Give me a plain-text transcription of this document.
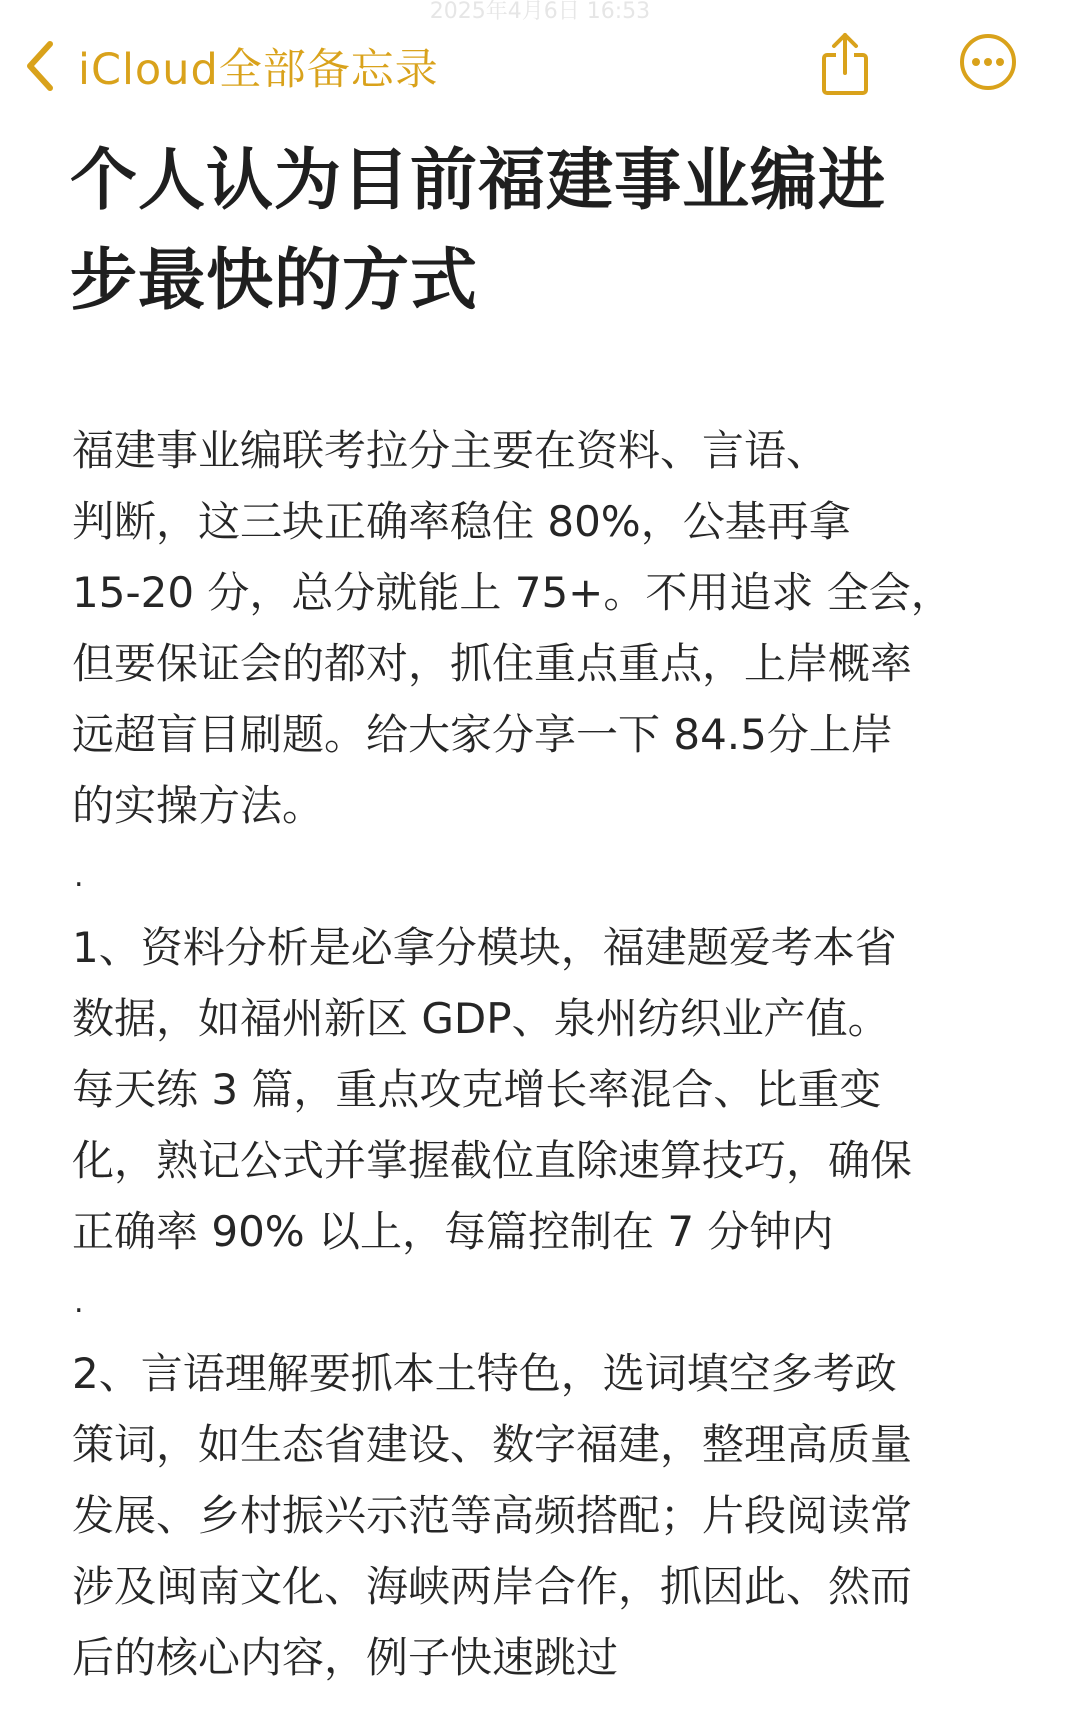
2025年4月6日 16:53
iCloud全部备忘录
个人认为目前福建事业编进
步最快的方式
福建事业编联考拉分主要在资料、言语、
判断，这三块正确率稳住 80%，公基再拿
15-20 分，总分就能上 75+。不用追求 全会，
但要保证会的都对，抓住重点重点，上岸概率
远超盲目刷题。给大家分享一下 84.5分上岸
的实操方法。
.
1、资料分析是必拿分模块，福建题爱考本省
数据，如福州新区 GDP、泉州纺织业产值。
每天练 3 篇，重点攻克增长率混合、比重变
化，熟记公式并掌握截位直除速算技巧，确保
正确率 90% 以上，每篇控制在 7 分钟内
.
2、言语理解要抓本土特色，选词填空多考政
策词，如生态省建设、数字福建，整理高质量
发展、乡村振兴示范等高频搭配；片段阅读常
涉及闽南文化、海峡两岸合作，抓因此、然而
后的核心内容，例子快速跳过
